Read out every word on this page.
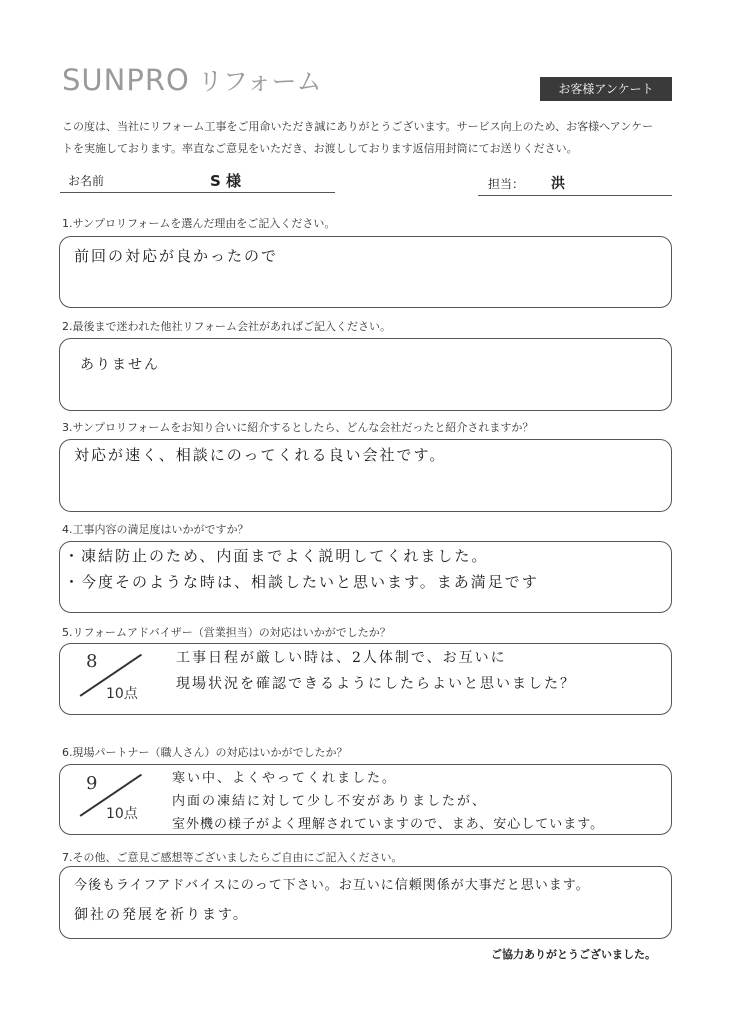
SUNPRO リフォーム	お客様アンケート

この度は、当社にリフォーム工事をご用命いただき誠にありがとうございます。サービス向上のため、お客様へアンケー

トを実施しております。率直なご意見をいただき、お渡ししております返信用封筒にてお送りください。

お名前	S 様	担当： 洪
1.サンプロリフォームを選んだ理由をご記入ください。
前回の対応が良かったので
2.最後まで迷われた他社リフォーム会社があればご記入ください。
ありません
3.サンプロリフォームをお知り合いに紹介するとしたら、どんな会社だったと紹介されますか？
対応が速く、相談にのってくれる良い会社です。
4.工事内容の満足度はいかがですか？
・凍結防止のため、内面までよく説明してくれました。
・今度そのような時は、相談したいと思います。まあ満足です
5.リフォームアドバイザー（営業担当）の対応はいかがでしたか？
8
10点
工事日程が厳しい時は、2人体制で、お互いに
現場状況を確認できるようにしたらよいと思いました？
6.現場パートナー（職人さん）の対応はいかがでしたか？
9
10点
寒い中、よくやってくれました。
内面の凍結に対して少し不安がありましたが、
室外機の様子がよく理解されていますので、まあ、安心しています。
7.その他、ご意見ご感想等ございましたらご自由にご記入ください。
今後もライフアドバイスにのって下さい。お互いに信頼関係が大事だと思います。
御社の発展を祈ります。
ご協力ありがとうございました。
